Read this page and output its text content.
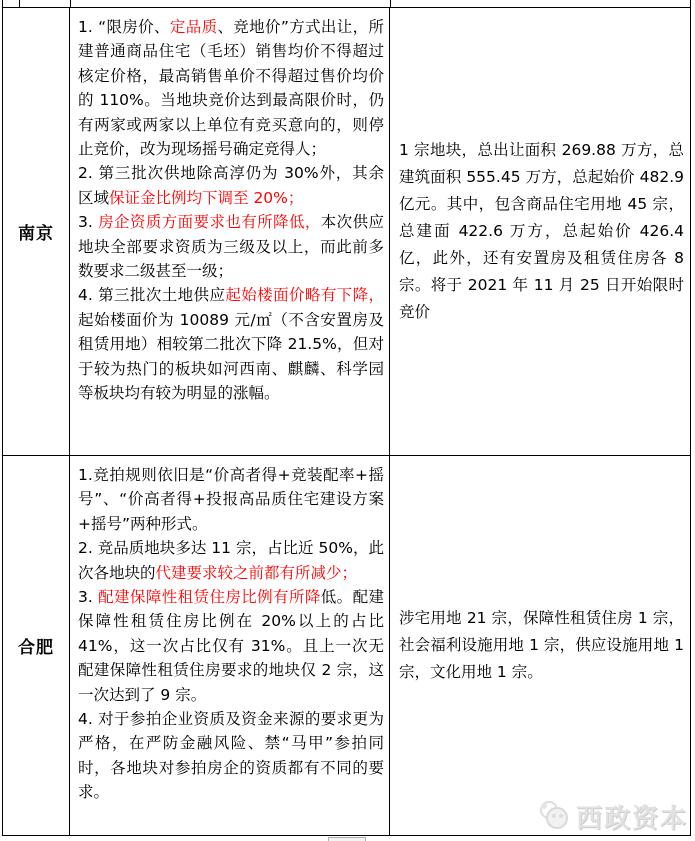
南京

1. “限房价、定品质、竞地价”方式出让，所建普通商品住宅（毛坯）销售均价不得超过核定价格，最高销售单价不得超过售价均价的 110%。当地块竞价达到最高限价时，仍有两家或两家以上单位有竞买意向的，则停止竞价，改为现场摇号确定竞得人；

2. 第三批次供地除高淳仍为 30%外，其余区域保证金比例均下调至 20%；

3. 房企资质方面要求也有所降低，本次供应地块全部要求资质为三级及以上，而此前多数要求二级甚至一级；

4. 第三批次土地供应起始楼面价略有下降，起始楼面价为 10089 元/㎡（不含安置房及租赁用地）相较第二批次下降 21.5%，但对于较为热门的板块如河西南、麒麟、科学园等板块均有较为明显的涨幅。

1 宗地块，总出让面积 269.88 万方，总建筑面积 555.45 万方，总起始价 482.9 亿元。其中，包含商品住宅用地 45 宗，总建面 422.6 万方，总起始价 426.4 亿，此外，还有安置房及租赁住房各 8 宗。将于 2021 年 11 月 25 日开始限时竞价

合肥

1.竞拍规则依旧是“价高者得+竞装配率+摇号”、“价高者得+投报高品质住宅建设方案+摇号”两种形式。

2. 竞品质地块多达 11 宗，占比近 50%，此次各地块的代建要求较之前都有所减少；

3. 配建保障性租赁住房比例有所降低。配建保障性租赁住房比例在 20%以上的占比 41%，这一次占比仅有 31%。且上一次无配建保障性租赁住房要求的地块仅 2 宗，这一次达到了 9 宗。

4. 对于参拍企业资质及资金来源的要求更为严格，在严防金融风险、禁“马甲”参拍同时，各地块对参拍房企的资质都有不同的要求。

涉宅用地 21 宗，保障性租赁住房 1 宗，社会福利设施用地 1 宗，供应设施用地 1 宗，文化用地 1 宗。

西政资本
